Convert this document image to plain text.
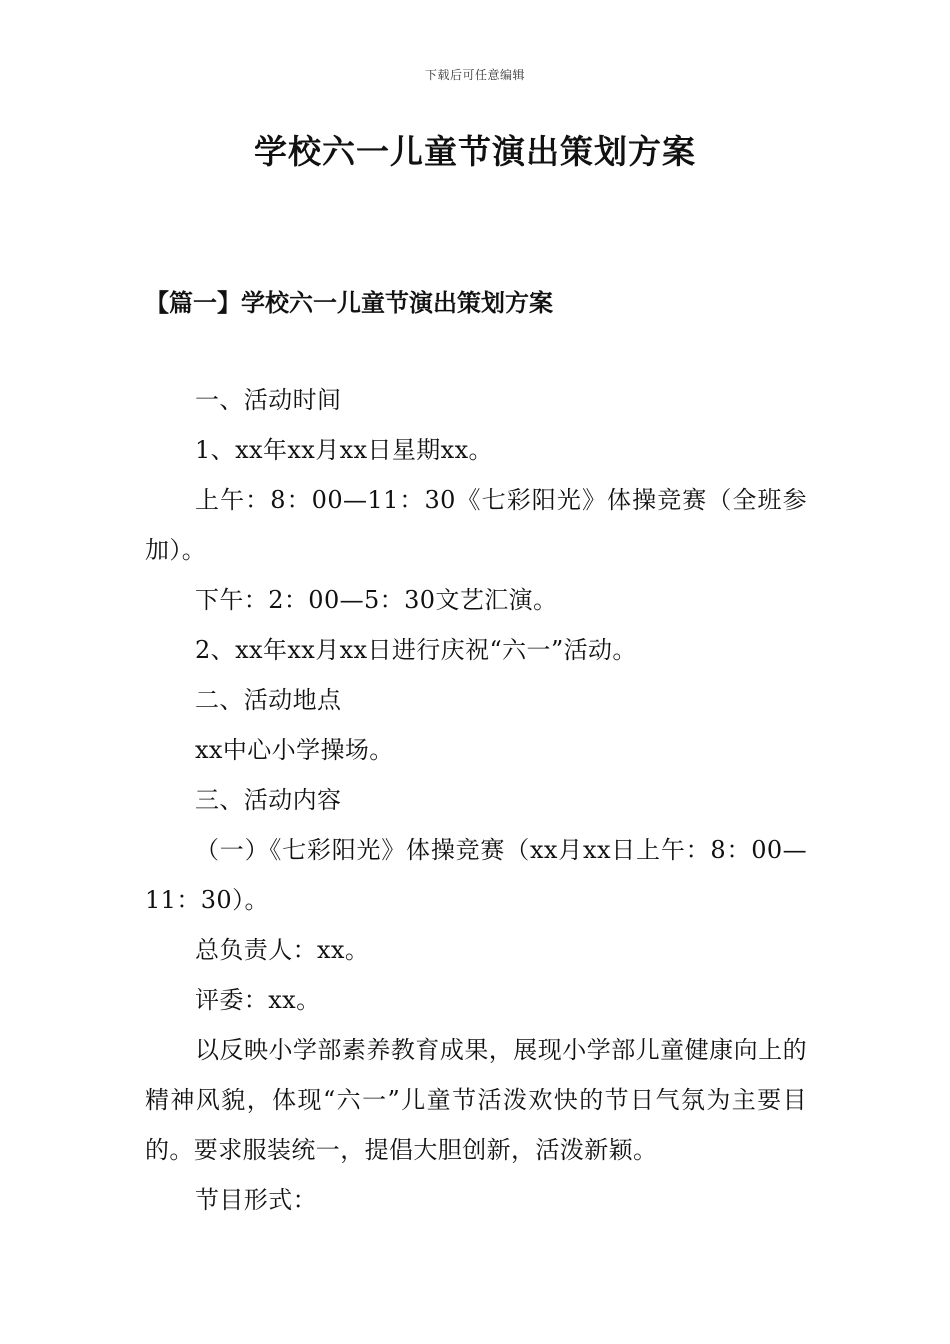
下载后可任意编辑
学校六一儿童节演出策划方案
【篇一】学校六一儿童节演出策划方案

一、活动时间

1、xx年xx月xx日星期xx。

上午：8：00—11：30《七彩阳光》体操竞赛（全班参加）。

下午：2：00—5：30文艺汇演。

2、xx年xx月xx日进行庆祝“六一”活动。

二、活动地点

xx中心小学操场。

三、活动内容

（一）《七彩阳光》体操竞赛（xx月xx日上午：8：00—11：30）。

总负责人：xx。

评委：xx。

以反映小学部素养教育成果，展现小学部儿童健康向上的精神风貌，体现“六一”儿童节活泼欢快的节日气氛为主要目的。要求服装统一，提倡大胆创新，活泼新颖。

节目形式：
